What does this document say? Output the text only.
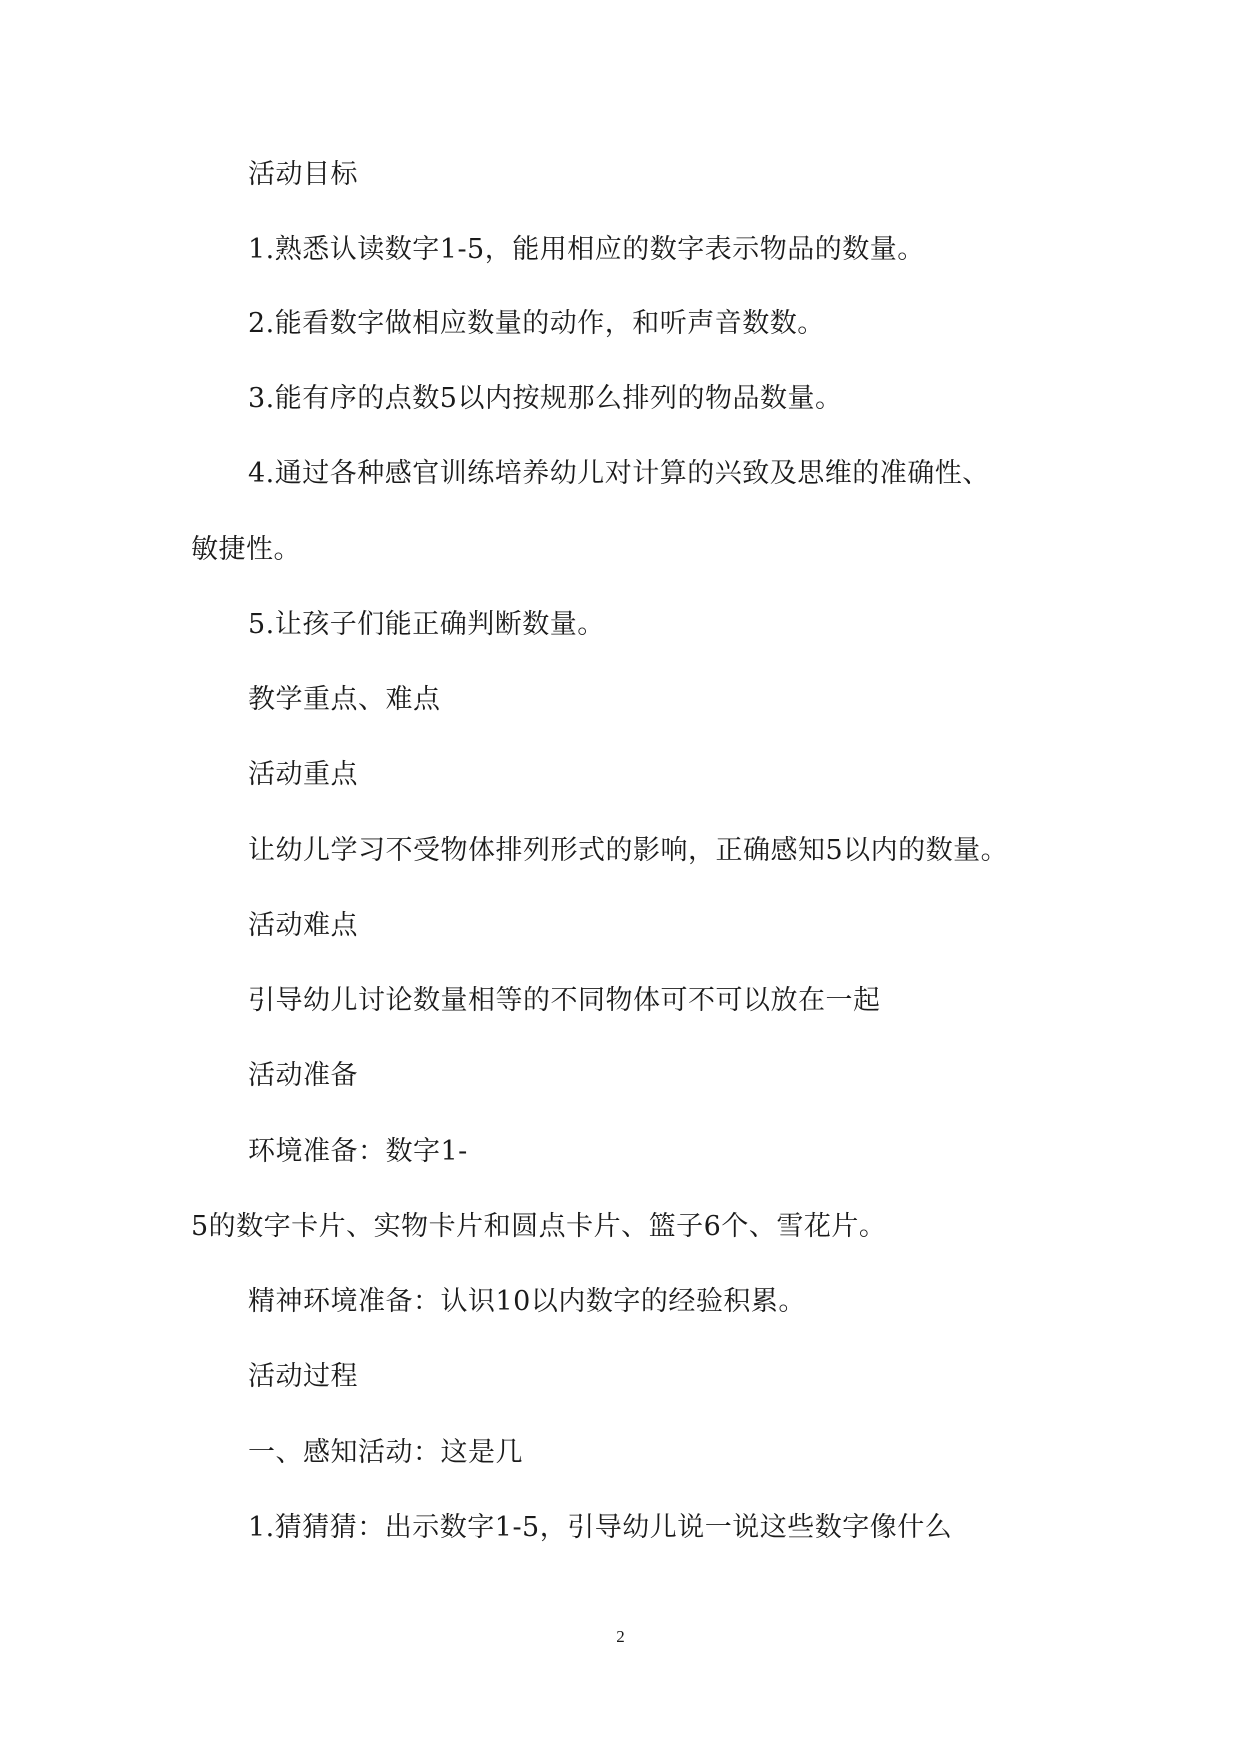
活动目标
1.熟悉认读数字1-5，能用相应的数字表示物品的数量。
2.能看数字做相应数量的动作，和听声音数数。
3.能有序的点数5以内按规那么排列的物品数量。
4.通过各种感官训练培养幼儿对计算的兴致及思维的准确性、
敏捷性。
5.让孩子们能正确判断数量。
教学重点、难点
活动重点
让幼儿学习不受物体排列形式的影响，正确感知5以内的数量。
活动难点
引导幼儿讨论数量相等的不同物体可不可以放在一起
活动准备
环境准备：数字1-
5的数字卡片、实物卡片和圆点卡片、篮子6个、雪花片。
精神环境准备：认识10以内数字的经验积累。
活动过程
一、感知活动：这是几
1.猜猜猜：出示数字1-5，引导幼儿说一说这些数字像什么
2
